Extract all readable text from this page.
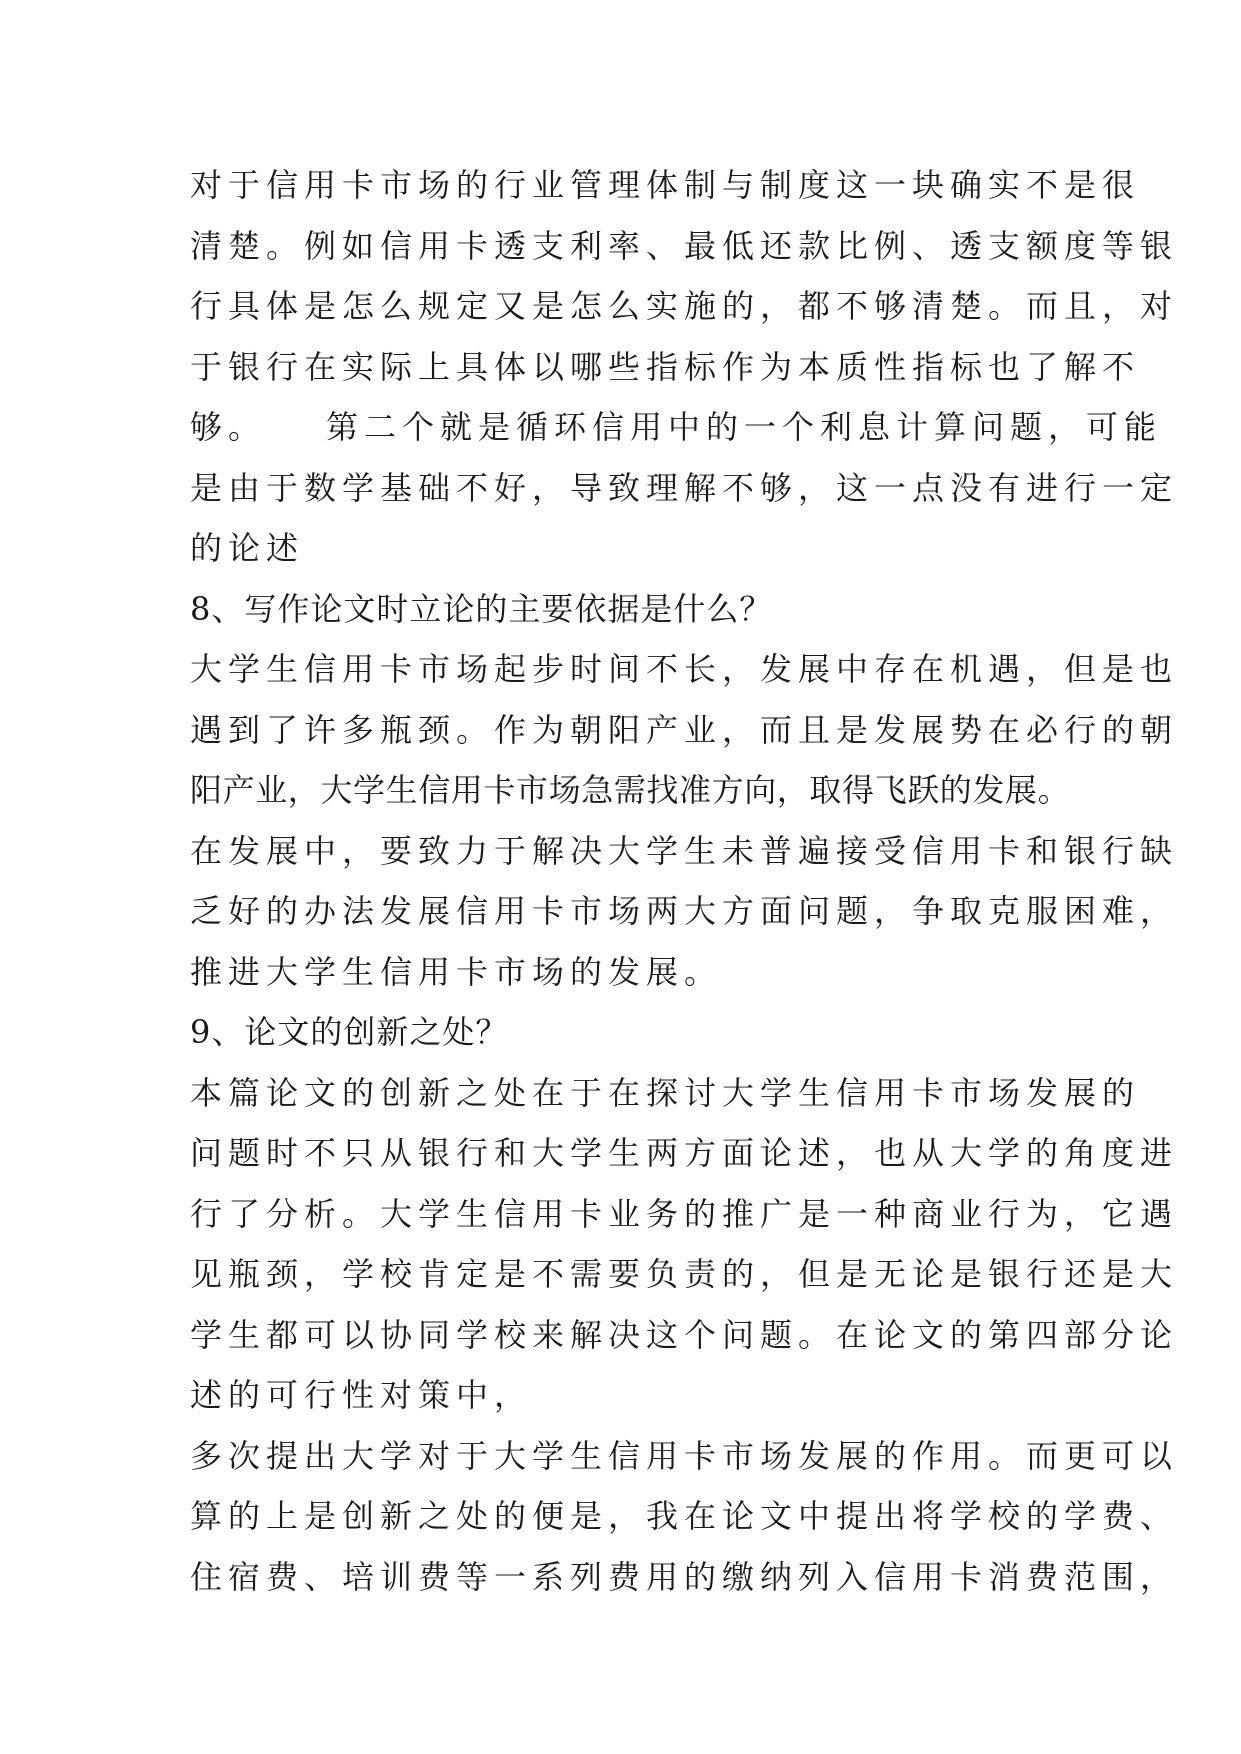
对于信用卡市场的行业管理体制与制度这一块确实不是很
清楚。例如信用卡透支利率、最低还款比例、透支额度等银
行具体是怎么规定又是怎么实施的，都不够清楚。而且，对
于银行在实际上具体以哪些指标作为本质性指标也了解不
够。　　第二个就是循环信用中的一个利息计算问题，可能
是由于数学基础不好，导致理解不够，这一点没有进行一定
的论述
8、写作论文时立论的主要依据是什么？
大学生信用卡市场起步时间不长，发展中存在机遇，但是也
遇到了许多瓶颈。作为朝阳产业，而且是发展势在必行的朝
阳产业，大学生信用卡市场急需找准方向，取得飞跃的发展。
在发展中，要致力于解决大学生未普遍接受信用卡和银行缺
乏好的办法发展信用卡市场两大方面问题，争取克服困难，
推进大学生信用卡市场的发展。
9、论文的创新之处？
本篇论文的创新之处在于在探讨大学生信用卡市场发展的
问题时不只从银行和大学生两方面论述，也从大学的角度进
行了分析。大学生信用卡业务的推广是一种商业行为，它遇
见瓶颈，学校肯定是不需要负责的，但是无论是银行还是大
学生都可以协同学校来解决这个问题。在论文的第四部分论
述的可行性对策中，
多次提出大学对于大学生信用卡市场发展的作用。而更可以
算的上是创新之处的便是，我在论文中提出将学校的学费、
住宿费、培训费等一系列费用的缴纳列入信用卡消费范围，
